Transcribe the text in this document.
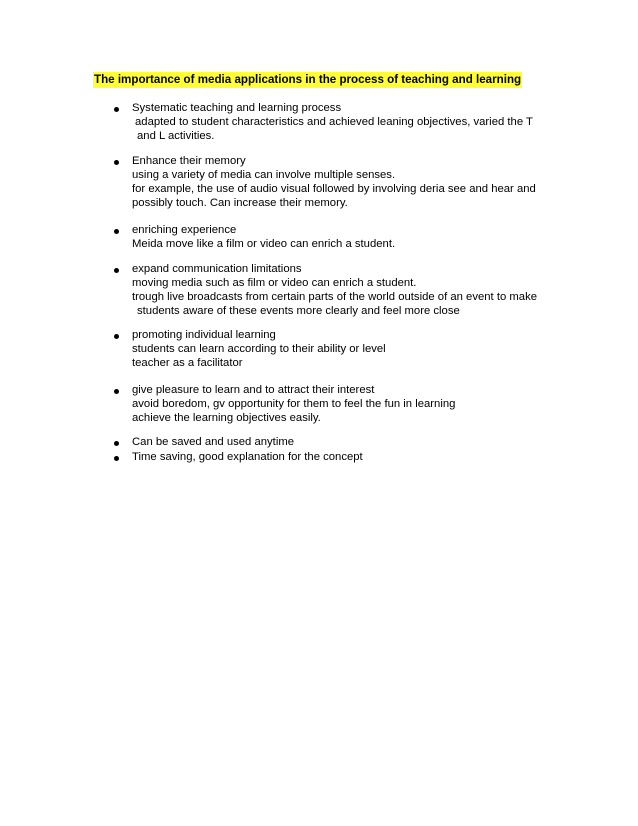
The importance of media applications in the process of teaching and learning
Systematic teaching and learning process
adapted to student characteristics and achieved leaning objectives, varied the T
and L activities.
Enhance their memory
using a variety of media can involve multiple senses.
for example, the use of audio visual followed by involving deria see and hear and
possibly touch. Can increase their memory.
enriching experience
Meida move like a film or video can enrich a student.
expand communication limitations
moving media such as film or video can enrich a student.
trough live broadcasts from certain parts of the world outside of an event to make
students aware of these events more clearly and feel more close
promoting individual learning
students can learn according to their ability or level
teacher as a facilitator
give pleasure to learn and to attract their interest
avoid boredom, gv opportunity for them to feel the fun in learning
achieve the learning objectives easily.
Can be saved and used anytime
Time saving, good explanation for the concept
